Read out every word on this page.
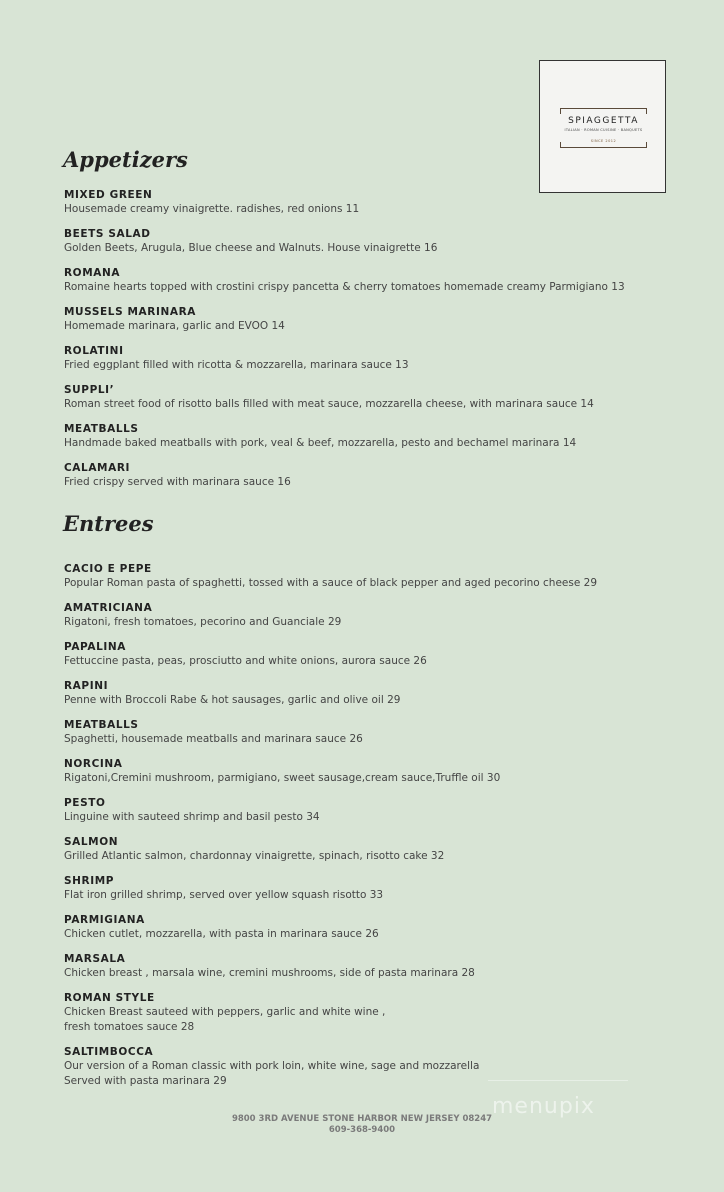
SPIAGGETTA
ITALIAN · ROMAN CUISINE · BANQUETS
SINCE 2012
Appetizers
MIXED GREEN
Housemade creamy vinaigrette. radishes, red onions 11
BEETS SALAD
Golden Beets, Arugula, Blue cheese and Walnuts. House vinaigrette 16
ROMANA
Romaine hearts topped with crostini crispy pancetta & cherry tomatoes homemade creamy Parmigiano 13
MUSSELS MARINARA
Homemade marinara, garlic and EVOO 14
ROLATINI
Fried eggplant filled with ricotta & mozzarella, marinara sauce 13
SUPPLI’
Roman street food of risotto balls filled with meat sauce, mozzarella cheese, with marinara sauce 14
MEATBALLS
Handmade baked meatballs with pork, veal & beef, mozzarella, pesto and bechamel marinara 14
CALAMARI
Fried crispy served with marinara sauce 16
Entrees
CACIO E PEPE
Popular Roman pasta of spaghetti, tossed with a sauce of black pepper and aged pecorino cheese 29
AMATRICIANA
Rigatoni, fresh tomatoes, pecorino and Guanciale 29
PAPALINA
Fettuccine pasta, peas, prosciutto and white onions, aurora sauce 26
RAPINI
Penne with Broccoli Rabe & hot sausages, garlic and olive oil 29
MEATBALLS
Spaghetti, housemade meatballs and marinara sauce 26
NORCINA
Rigatoni,Cremini mushroom, parmigiano, sweet sausage,cream sauce,Truffle oil 30
PESTO
Linguine with sauteed shrimp and basil pesto 34
SALMON
Grilled Atlantic salmon, chardonnay vinaigrette, spinach, risotto cake 32
SHRIMP
Flat iron grilled shrimp, served over yellow squash risotto 33
PARMIGIANA
Chicken cutlet, mozzarella, with pasta in marinara sauce 26
MARSALA
Chicken breast , marsala wine, cremini mushrooms, side of pasta marinara 28
ROMAN STYLE
Chicken Breast sauteed with peppers, garlic and white wine ,
fresh tomatoes sauce 28
SALTIMBOCCA
Our version of a Roman classic with pork loin, white wine, sage and mozzarella
Served with pasta marinara 29
menupix
9800 3RD AVENUE STONE HARBOR NEW JERSEY 08247
609-368-9400
